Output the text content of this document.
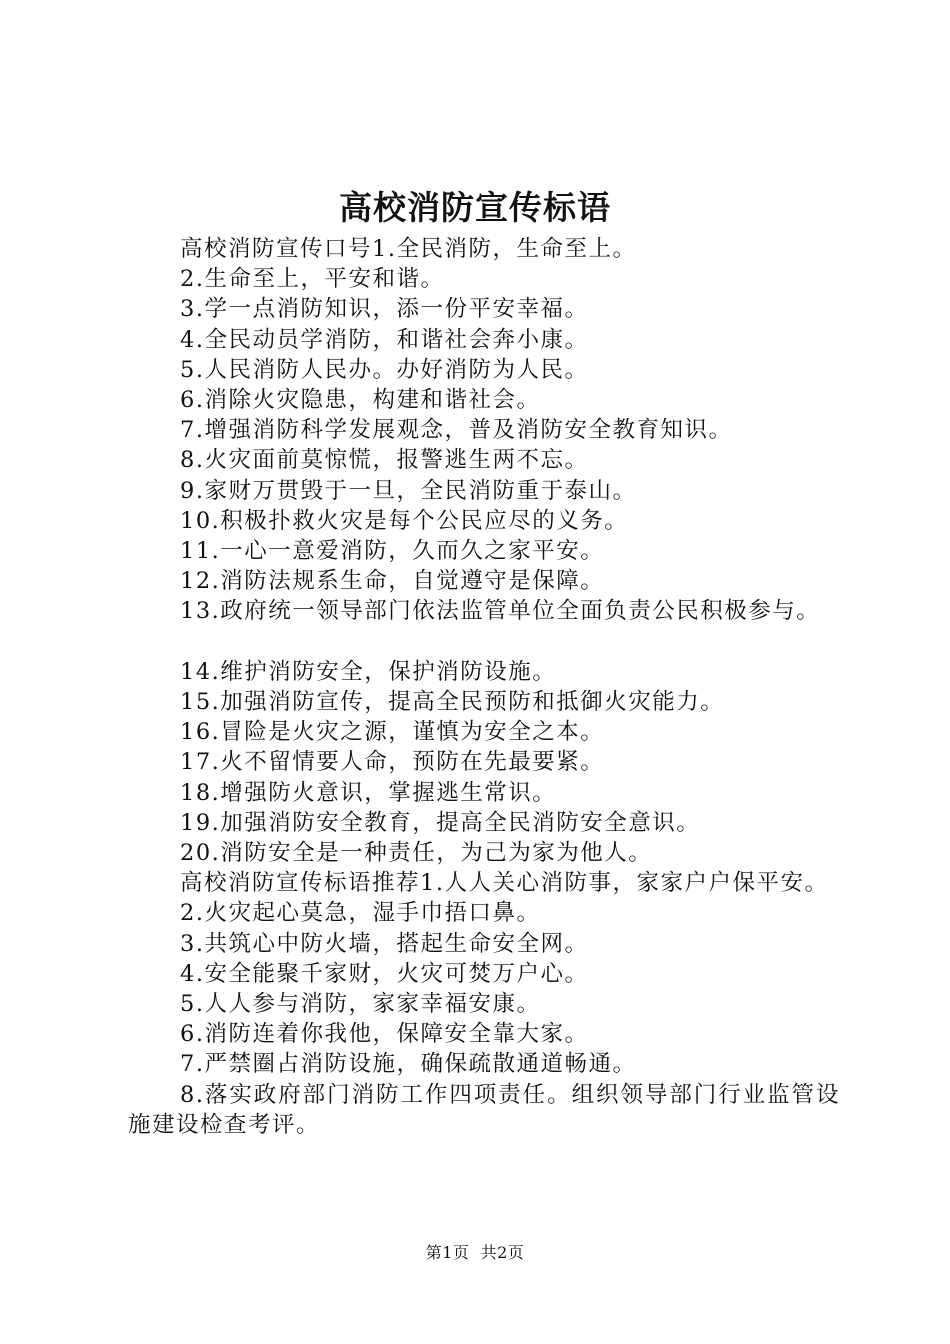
高校消防宣传标语
高校消防宣传口号1.全民消防，生命至上。
2.生命至上，平安和谐。
3.学一点消防知识，添一份平安幸福。
4.全民动员学消防，和谐社会奔小康。
5.人民消防人民办。办好消防为人民。
6.消除火灾隐患，构建和谐社会。
7.增强消防科学发展观念，普及消防安全教育知识。
8.火灾面前莫惊慌，报警逃生两不忘。
9.家财万贯毁于一旦，全民消防重于泰山。
10.积极扑救火灾是每个公民应尽的义务。
11.一心一意爱消防，久而久之家平安。
12.消防法规系生命，自觉遵守是保障。
13.政府统一领导部门依法监管单位全面负责公民积极参与。
14.维护消防安全，保护消防设施。
15.加强消防宣传，提高全民预防和抵御火灾能力。
16.冒险是火灾之源，谨慎为安全之本。
17.火不留情要人命，预防在先最要紧。
18.增强防火意识，掌握逃生常识。
19.加强消防安全教育，提高全民消防安全意识。
20.消防安全是一种责任，为己为家为他人。
高校消防宣传标语推荐1.人人关心消防事，家家户户保平安。
2.火灾起心莫急，湿手巾捂口鼻。
3.共筑心中防火墙，搭起生命安全网。
4.安全能聚千家财，火灾可焚万户心。
5.人人参与消防，家家幸福安康。
6.消防连着你我他，保障安全靠大家。
7.严禁圈占消防设施，确保疏散通道畅通。
8.落实政府部门消防工作四项责任。组织领导部门行业监管设施建设检查考评。
第1页 共2页
